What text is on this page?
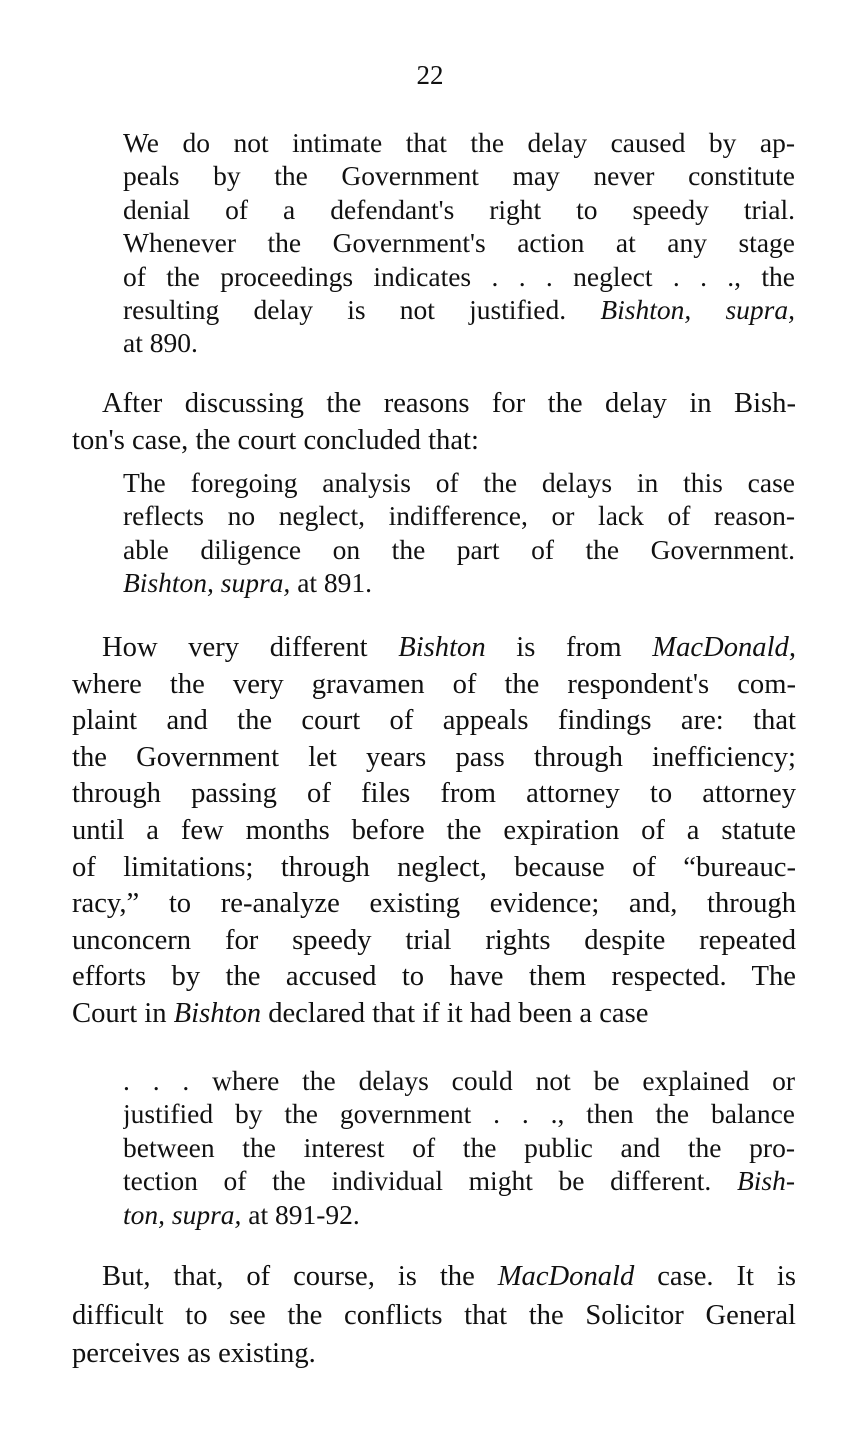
22
We do not intimate that the delay caused by ap-
peals by the Government may never constitute
denial of a defendant's right to speedy trial.
Whenever the Government's action at any stage
of the proceedings indicates . . . neglect . . ., the
resulting delay is not justified. Bishton, supra,
at 890.
After discussing the reasons for the delay in Bish-
ton's case, the court concluded that:
The foregoing analysis of the delays in this case
reflects no neglect, indifference, or lack of reason-
able diligence on the part of the Government.
Bishton, supra, at 891.
How very different Bishton is from MacDonald,
where the very gravamen of the respondent's com-
plaint and the court of appeals findings are: that
the Government let years pass through inefficiency;
through passing of files from attorney to attorney
until a few months before the expiration of a statute
of limitations; through neglect, because of “bureauc-
racy,” to re-analyze existing evidence; and, through
unconcern for speedy trial rights despite repeated
efforts by the accused to have them respected. The
Court in Bishton declared that if it had been a case
. . . where the delays could not be explained or
justified by the government . . ., then the balance
between the interest of the public and the pro-
tection of the individual might be different. Bish-
ton, supra, at 891-92.
But, that, of course, is the MacDonald case. It is
difficult to see the conflicts that the Solicitor General
perceives as existing.
